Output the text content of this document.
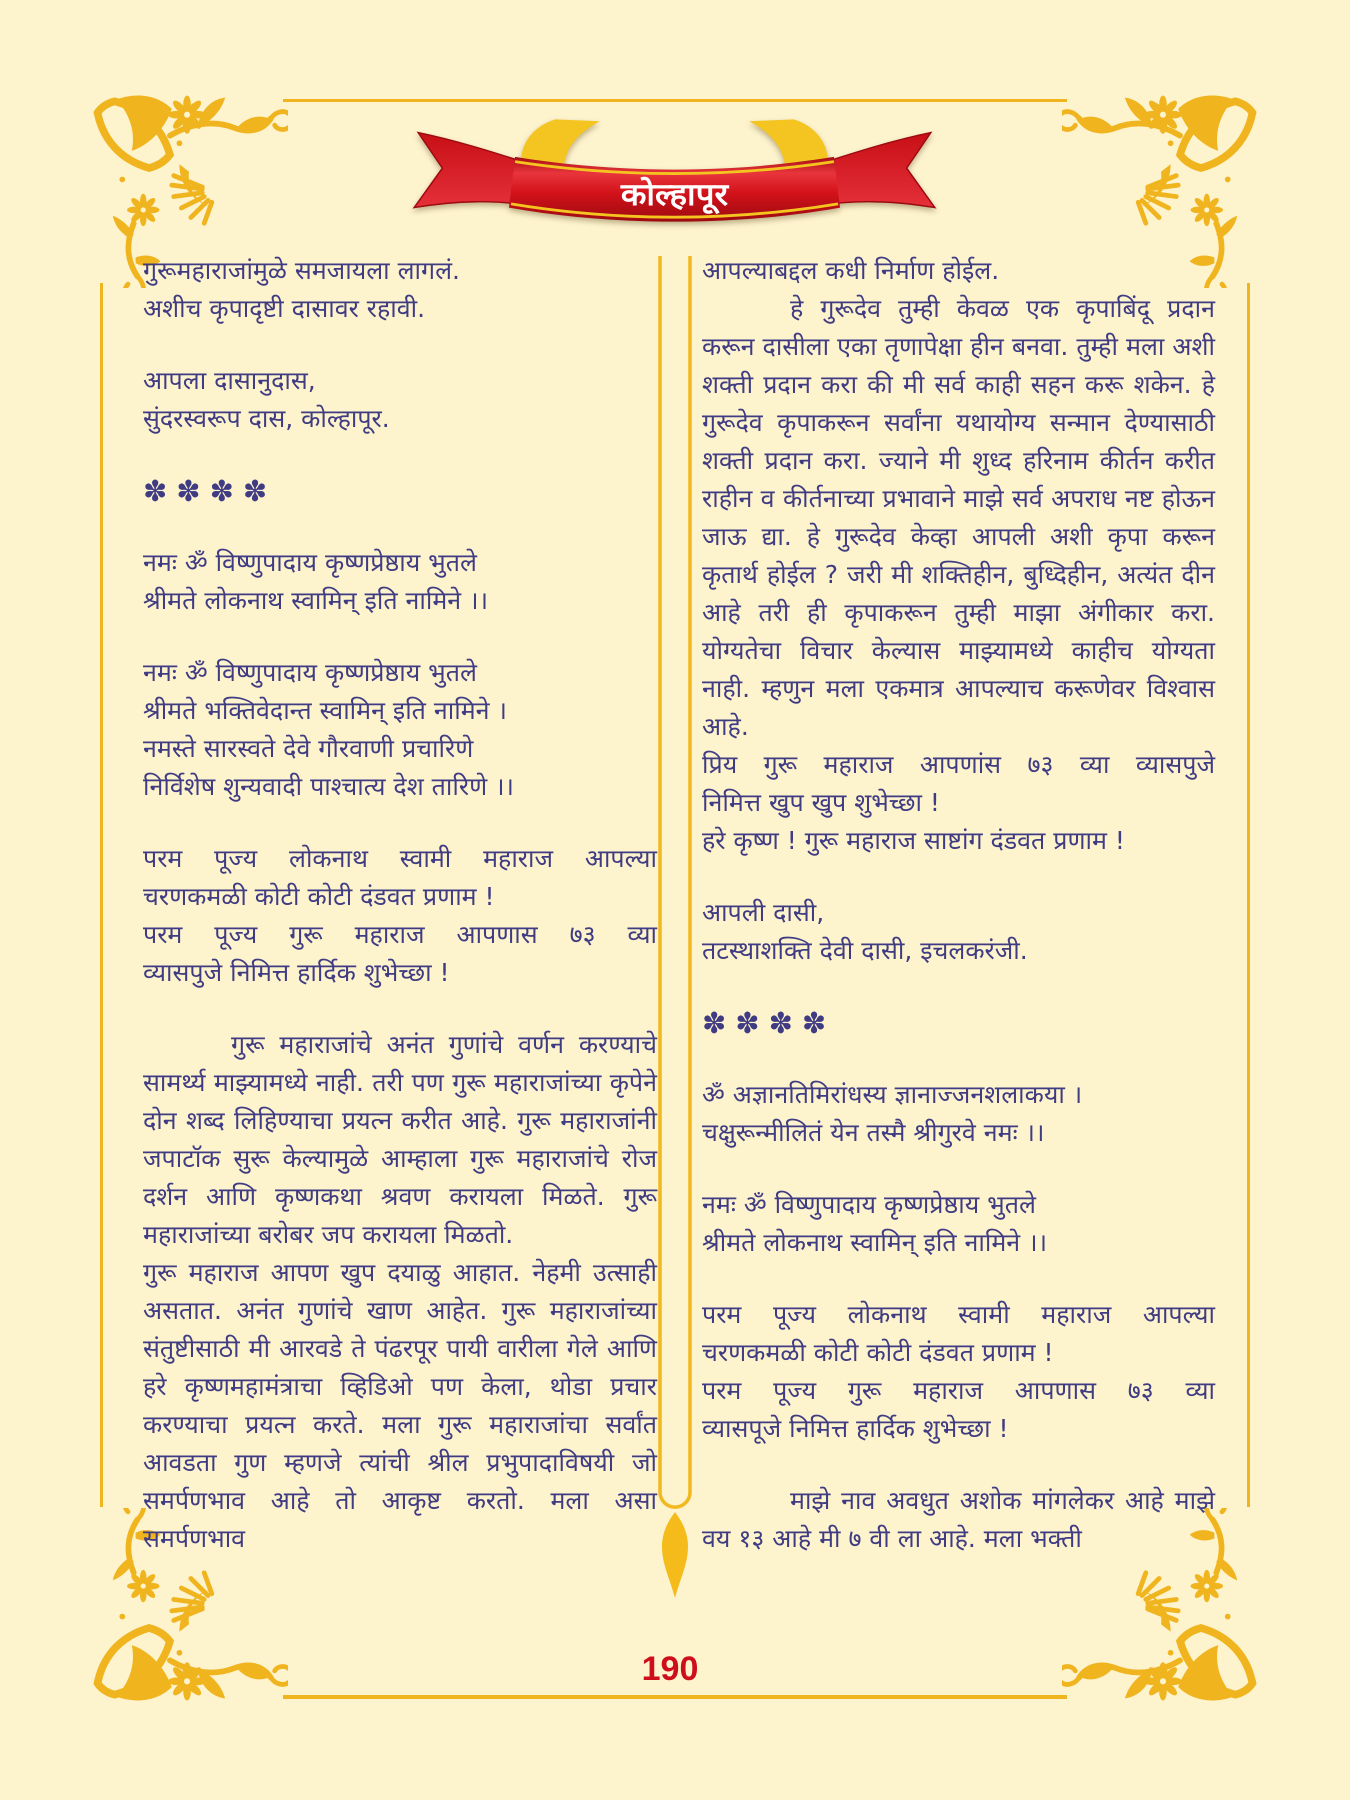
कोल्हापूर
गुरूमहाराजांमुळे समजायला लागलं.
अशीच कृपादृष्टी दासावर रहावी.
आपला दासानुदास,
सुंदरस्वरूप दास, कोल्हापूर.
✽✽✽✽
नमः ॐ विष्णुपादाय कृष्णप्रेष्ठाय भुतले
श्रीमते लोकनाथ स्वामिन् इति नामिने ।।
नमः ॐ विष्णुपादाय कृष्णप्रेष्ठाय भुतले
श्रीमते भक्तिवेदान्त स्वामिन् इति नामिने ।
नमस्ते सारस्वते देवे गौरवाणी प्रचारिणे
निर्विशेष शुन्यवादी पाश्चात्य देश तारिणे ।।
परम पूज्य लोकनाथ स्वामी महाराज आपल्या
चरणकमळी कोटी कोटी दंडवत प्रणाम !
परम पूज्य गुरू महाराज आपणास ७३ व्या
व्यासपुजे निमित्त हार्दिक शुभेच्छा !
गुरू महाराजांचे अनंत गुणांचे वर्णन करण्याचे सामर्थ्य माझ्यामध्ये नाही. तरी पण गुरू महाराजांच्या कृपेने दोन शब्द लिहिण्याचा प्रयत्न करीत आहे. गुरू महाराजांनी जपाटॉक सुरू केल्यामुळे आम्हाला गुरू महाराजांचे रोज दर्शन आणि कृष्णकथा श्रवण करायला मिळते. गुरू महाराजांच्या बरोबर जप करायला मिळतो.
गुरू महाराज आपण खुप दयाळु आहात. नेहमी उत्साही असतात. अनंत गुणांचे खाण आहेत. गुरू महाराजांच्या संतुष्टीसाठी मी आरवडे ते पंढरपूर पायी वारीला गेले आणि हरे कृष्णमहामंत्राचा व्हिडिओ पण केला, थोडा प्रचार करण्याचा प्रयत्न करते. मला गुरू महाराजांचा सर्वांत आवडता गुण म्हणजे त्यांची श्रील प्रभुपादाविषयी जो समर्पणभाव आहे तो आकृष्ट करतो. मला असा समर्पणभाव
आपल्याबद्दल कधी निर्माण होईल.
हे गुरूदेव तुम्ही केवळ एक कृपाबिंदू प्रदान करून दासीला एका तृणापेक्षा हीन बनवा. तुम्ही मला अशी शक्ती प्रदान करा की मी सर्व काही सहन करू शकेन. हे गुरूदेव कृपाकरून सर्वांना यथायोग्य सन्मान देण्यासाठी शक्ती प्रदान करा. ज्याने मी शुध्द हरिनाम कीर्तन करीत राहीन व कीर्तनाच्या प्रभावाने माझे सर्व अपराध नष्ट होऊन जाऊ द्या. हे गुरूदेव केव्हा आपली अशी कृपा करून कृतार्थ होईल ? जरी मी शक्तिहीन, बुध्दिहीन, अत्यंत दीन आहे तरी ही कृपाकरून तुम्ही माझा अंगीकार करा. योग्यतेचा विचार केल्यास माझ्यामध्ये काहीच योग्यता नाही. म्हणुन मला एकमात्र आपल्याच करूणेवर विश्वास आहे.
प्रिय गुरू महाराज आपणांस ७३ व्या व्यासपुजे
निमित्त खुप खुप शुभेच्छा !
हरे कृष्ण ! गुरू महाराज साष्टांग दंडवत प्रणाम !
आपली दासी,
तटस्थाशक्ति देवी दासी, इचलकरंजी.
✽✽✽✽
ॐ अज्ञानतिमिरांधस्य ज्ञानाज्जनशलाकया ।
चक्षुरून्मीलितं येन तस्मै श्रीगुरवे नमः ।।
नमः ॐ विष्णुपादाय कृष्णप्रेष्ठाय भुतले
श्रीमते लोकनाथ स्वामिन् इति नामिने ।।
परम पूज्य लोकनाथ स्वामी महाराज आपल्या
चरणकमळी कोटी कोटी दंडवत प्रणाम !
परम पूज्य गुरू महाराज आपणास ७३ व्या
व्यासपूजे निमित्त हार्दिक शुभेच्छा !
माझे नाव अवधुत अशोक मांगलेकर आहे माझे वय १३ आहे मी ७ वी ला आहे. मला भक्ती
190
